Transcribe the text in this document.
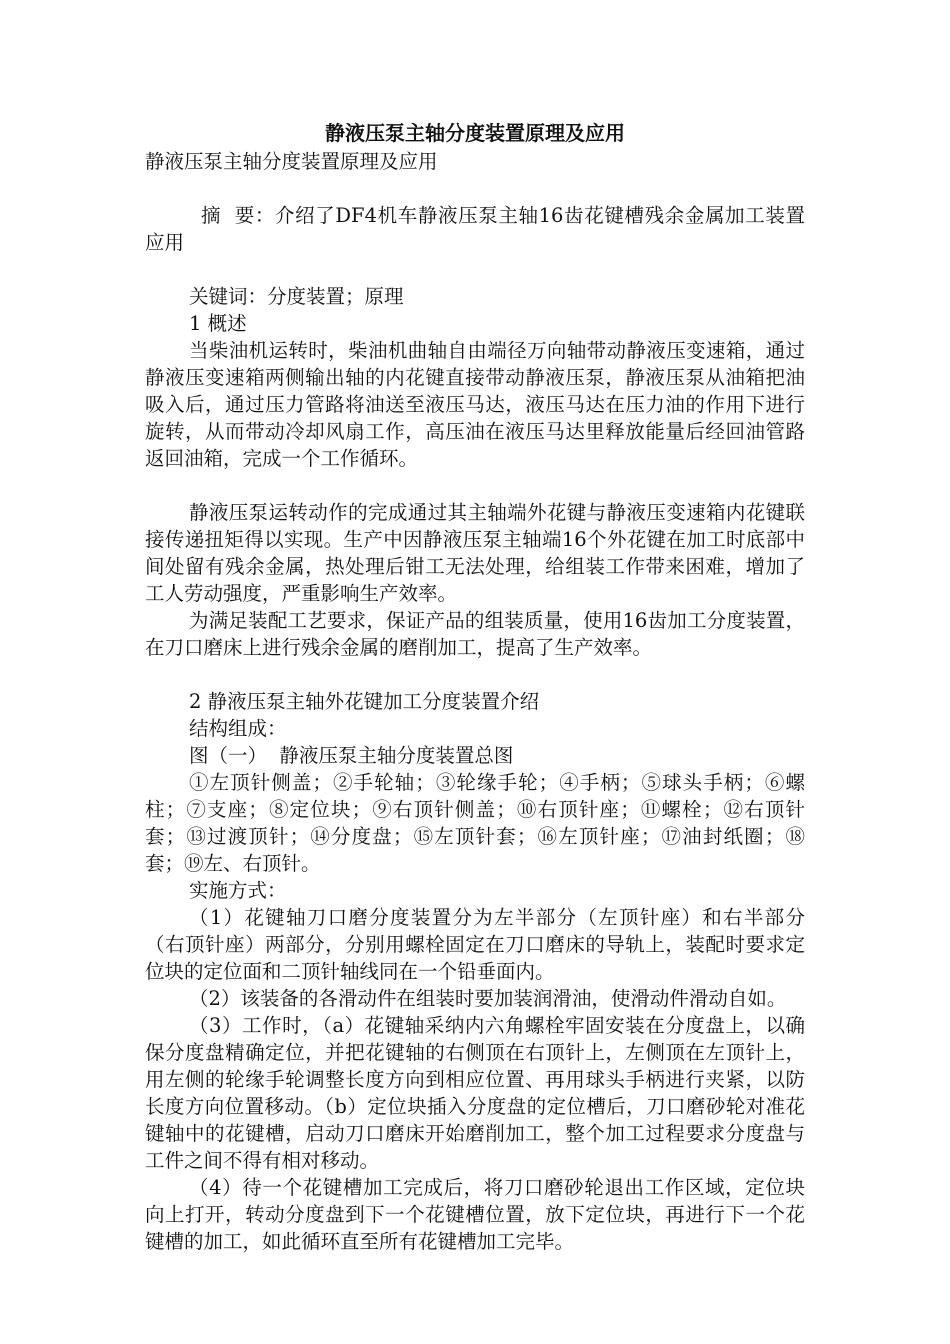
静液压泵主轴分度装置原理及应用

静液压泵主轴分度装置原理及应用

摘  要：介绍了DF4机车静液压泵主轴16齿花键槽残余金属加工装置应用

关键词：分度装置；原理

1 概述

当柴油机运转时，柴油机曲轴自由端径万向轴带动静液压变速箱，通过静液压变速箱两侧输出轴的内花键直接带动静液压泵，静液压泵从油箱把油吸入后，通过压力管路将油送至液压马达，液压马达在压力油的作用下进行旋转，从而带动冷却风扇工作，高压油在液压马达里释放能量后经回油管路返回油箱，完成一个工作循环。

静液压泵运转动作的完成通过其主轴端外花键与静液压变速箱内花键联接传递扭矩得以实现。生产中因静液压泵主轴端16个外花键在加工时底部中间处留有残余金属，热处理后钳工无法处理，给组装工作带来困难，增加了工人劳动强度，严重影响生产效率。

为满足装配工艺要求，保证产品的组装质量，使用16齿加工分度装置，在刀口磨床上进行残余金属的磨削加工，提高了生产效率。

2 静液压泵主轴外花键加工分度装置介绍

结构组成：

图（一）  静液压泵主轴分度装置总图

①左顶针侧盖；②手轮轴；③轮缘手轮；④手柄；⑤球头手柄；⑥螺柱；⑦支座；⑧定位块；⑨右顶针侧盖；⑩右顶针座；⑪螺栓；⑫右顶针套；⑬过渡顶针；⑭分度盘；⑮左顶针套；⑯左顶针座；⑰油封纸圈；⑱套；⑲左、右顶针。

实施方式：

（1）花键轴刀口磨分度装置分为左半部分（左顶针座）和右半部分（右顶针座）两部分，分别用螺栓固定在刀口磨床的导轨上，装配时要求定位块的定位面和二顶针轴线同在一个铅垂面内。

（2）该装备的各滑动件在组装时要加装润滑油，使滑动件滑动自如。

（3）工作时，（a）花键轴采纳内六角螺栓牢固安装在分度盘上，以确保分度盘精确定位，并把花键轴的右侧顶在右顶针上，左侧顶在左顶针上，用左侧的轮缘手轮调整长度方向到相应位置、再用球头手柄进行夹紧，以防长度方向位置移动。（b）定位块插入分度盘的定位槽后，刀口磨砂轮对准花键轴中的花键槽，启动刀口磨床开始磨削加工，整个加工过程要求分度盘与工件之间不得有相对移动。

（4）待一个花键槽加工完成后，将刀口磨砂轮退出工作区域，定位块向上打开，转动分度盘到下一个花键槽位置，放下定位块，再进行下一个花键槽的加工，如此循环直至所有花键槽加工完毕。
